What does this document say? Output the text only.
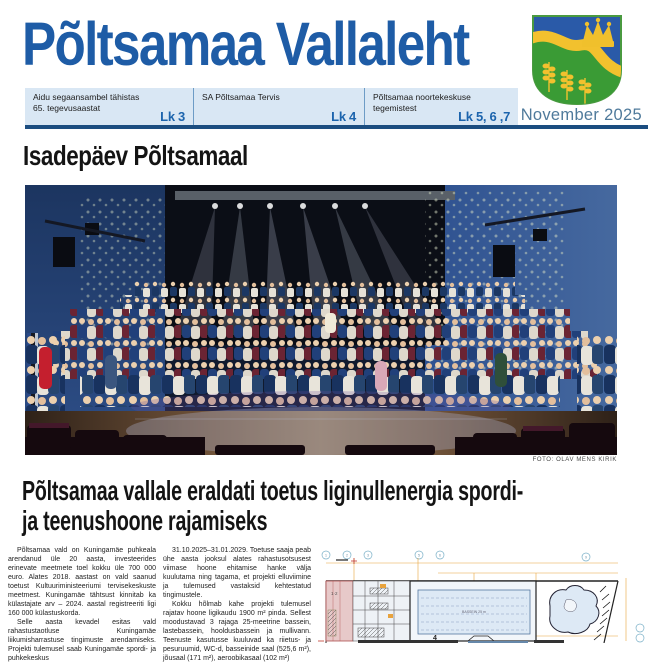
Põltsamaa Vallaleht
Aidu segaansambel tähistas 65. tegevusaastat
Lk 3
SA Põltsamaa Tervis
Lk 4
Põltsamaa noortekeskuse tegemistest
Lk 5, 6 ,7 November 2025
Isadepäev Põltsamaal
FOTO: OLAV MENS KIRIK
Põltsamaa vallale eraldati toetus liginullenergia spordi-
ja teenushoone rajamiseks

Põltsamaa vald on Kuningamäe puhkeala arendanud üle 20 aasta, investeerides erinevate meetmete toel kokku üle 700 000 euro. Alates 2018. aastast on vald saanud toetust Kultuuriministeeriumi tervisekeskuste meetmest. Kuningamäe tähtsust kinnitab ka külastajate arv – 2024. aastal registreeriti ligi 160 000 külastuskorda.

Selle aasta kevadel esitas vald rahastustaotluse Kuningamäe liikumisharrastuse tingimuste arendamiseks. Projekti tulemusel saab Kuningamäe spordi- ja puhkekeskus

31.10.2025–31.01.2029. Toetuse saaja peab ühe aasta jooksul alates rahastusotsusest viimase hoone ehitamise hanke välja kuulutama ning tagama, et projekti elluviimine ja tulemused vastaksid kehtestatud tingimustele.

Kokku hõlmab kahe projekti tulemusel rajatav hoone ligikaudu 1900 m² pinda. Sellest moodustavad 3 rajaga 25-meetrine bassein, lastebassein, hooldusbassein ja mullivann. Teenuste kasutusse kuuluvad ka riietus- ja pesuruumid, WC-d, basseinide saal (525,6 m²), jõusaal (171 m²), aeroobikasaal (102 m²)

1	2	3	5	6	9
1·2
BASSEIN 25 m
4
